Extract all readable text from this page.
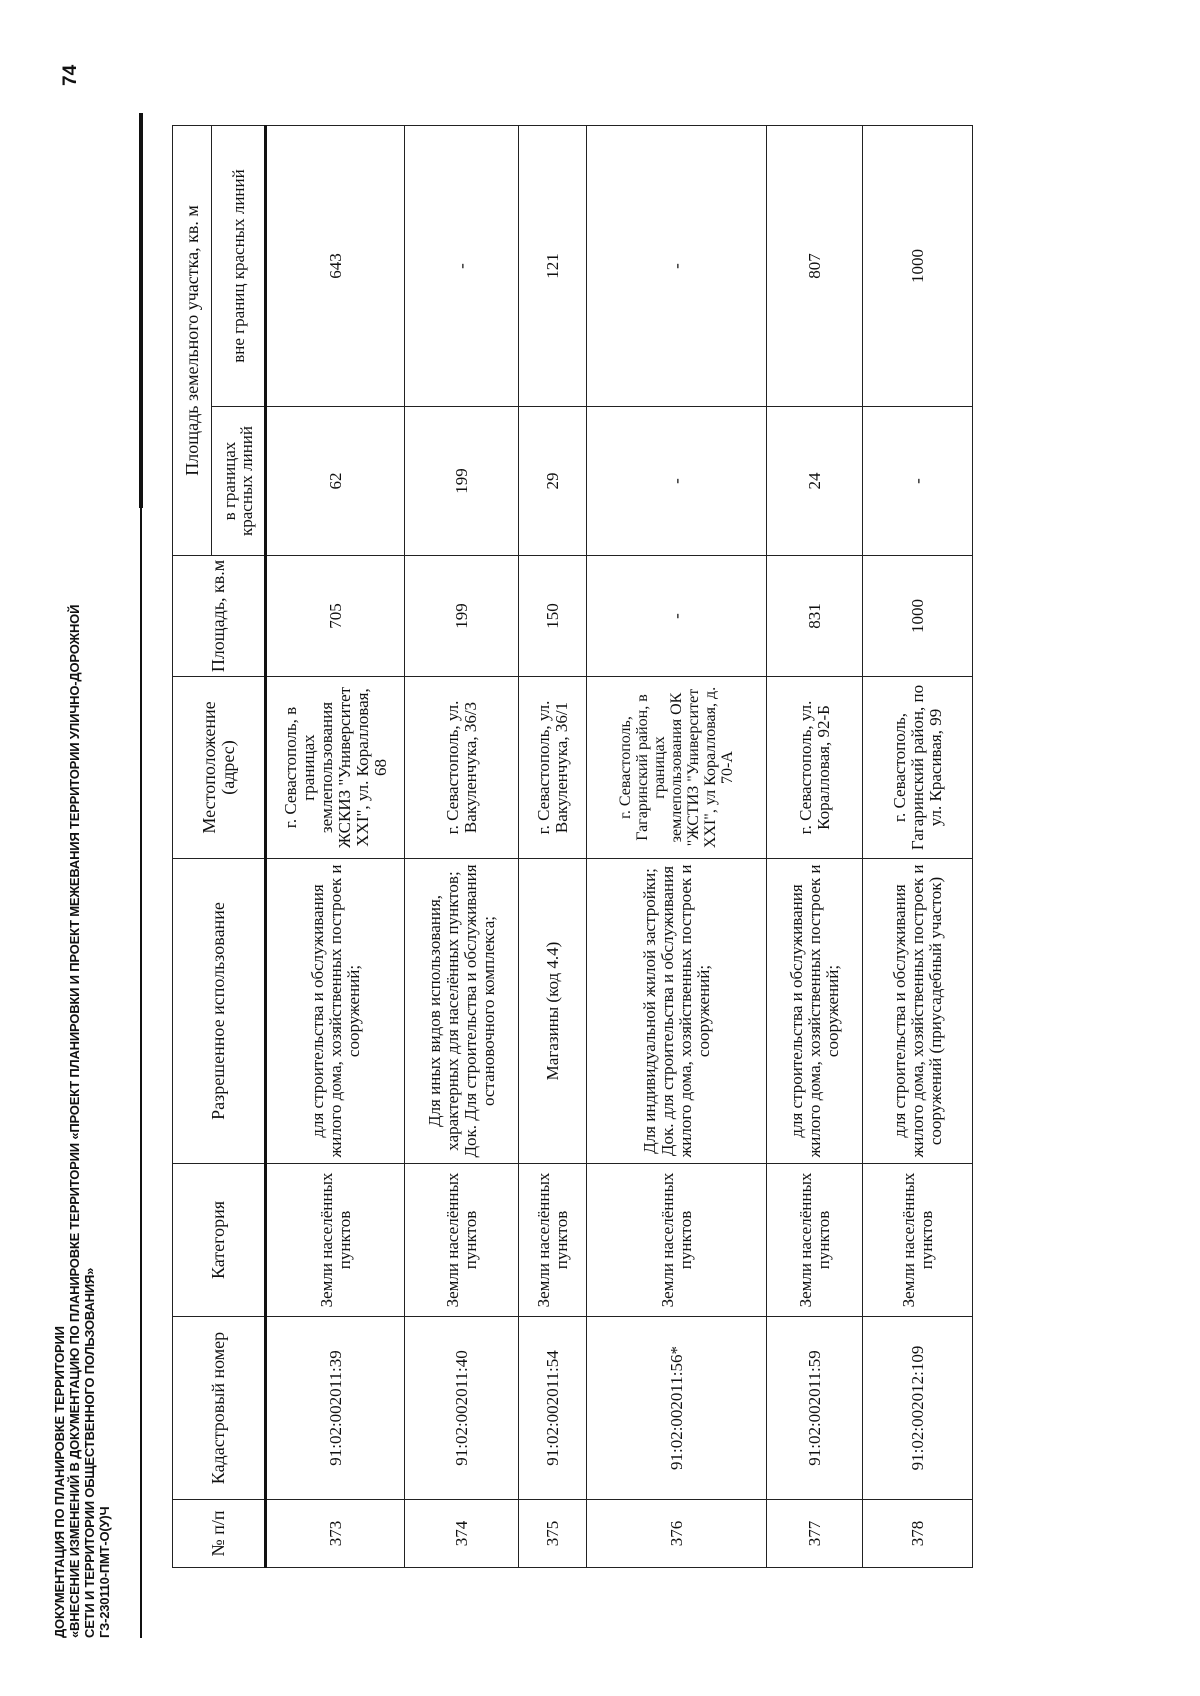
ДОКУМЕНТАЦИЯ ПО ПЛАНИРОВКЕ ТЕРРИТОРИИ «ВНЕСЕНИЕ ИЗМЕНЕНИЙ В ДОКУМЕНТАЦИЮ ПО ПЛАНИРОВКЕ ТЕРРИТОРИИ «ПРОЕКТ ПЛАНИРОВКИ И ПРОЕКТ МЕЖЕВАНИЯ ТЕРРИТОРИИ УЛИЧНО-ДОРОЖНОЙ СЕТИ И ТЕРРИТОРИИ ОБЩЕСТВЕННОГО ПОЛЬЗОВАНИЯ» ГЗ-230110-ПМТ-О(У)Ч
74
№ п/п	Кадастровый номер	Категория	Разрешенное использование	Местоположение (адрес)	Площадь, кв.м	Площадь земельного участка, кв. м	
						в границах красных линий	вне границ красных линий
373	91:02:002011:39	Земли населённых пунктов	для строительства и обслуживания жилого дома, хозяйственных построек и сооружений;	г. Севастополь, в границах землепользования ЖСКИЗ "Университет XXI", ул. Коралловая, 68	705	62	643
374	91:02:002011:40	Земли населённых пунктов	Для иных видов использования, характерных для населённых пунктов; Док. Для строительства и обслуживания остановочного комплекса;	г. Севастополь, ул. Вакуленчука, 36/3	199	199	-
375	91:02:002011:54	Земли населённых пунктов	Магазины (код 4.4)	г. Севастополь, ул. Вакуленчука, 36/1	150	29	121
376	91:02:002011:56*	Земли населённых пунктов	Для индивидуальной жилой застройки; Док. для строительства и обслуживания жилого дома, хозяйственных построек и сооружений;	г. Севастополь, Гагаринский район, в границах землепользования ОК "ЖСТИЗ "Университет XXI", ул Коралловая, д. 70-А	-	-	-
377	91:02:002011:59	Земли населённых пунктов	для строительства и обслуживания жилого дома, хозяйственных построек и сооружений;	г. Севастополь, ул. Коралловая, 92-Б	831	24	807
378	91:02:002012:109	Земли населённых пунктов	для строительства и обслуживания жилого дома, хозяйственных построек и сооружений (приусадебный участок)	г. Севастополь, Гагаринский район, по ул. Красивая, 99	1000	-	1000
